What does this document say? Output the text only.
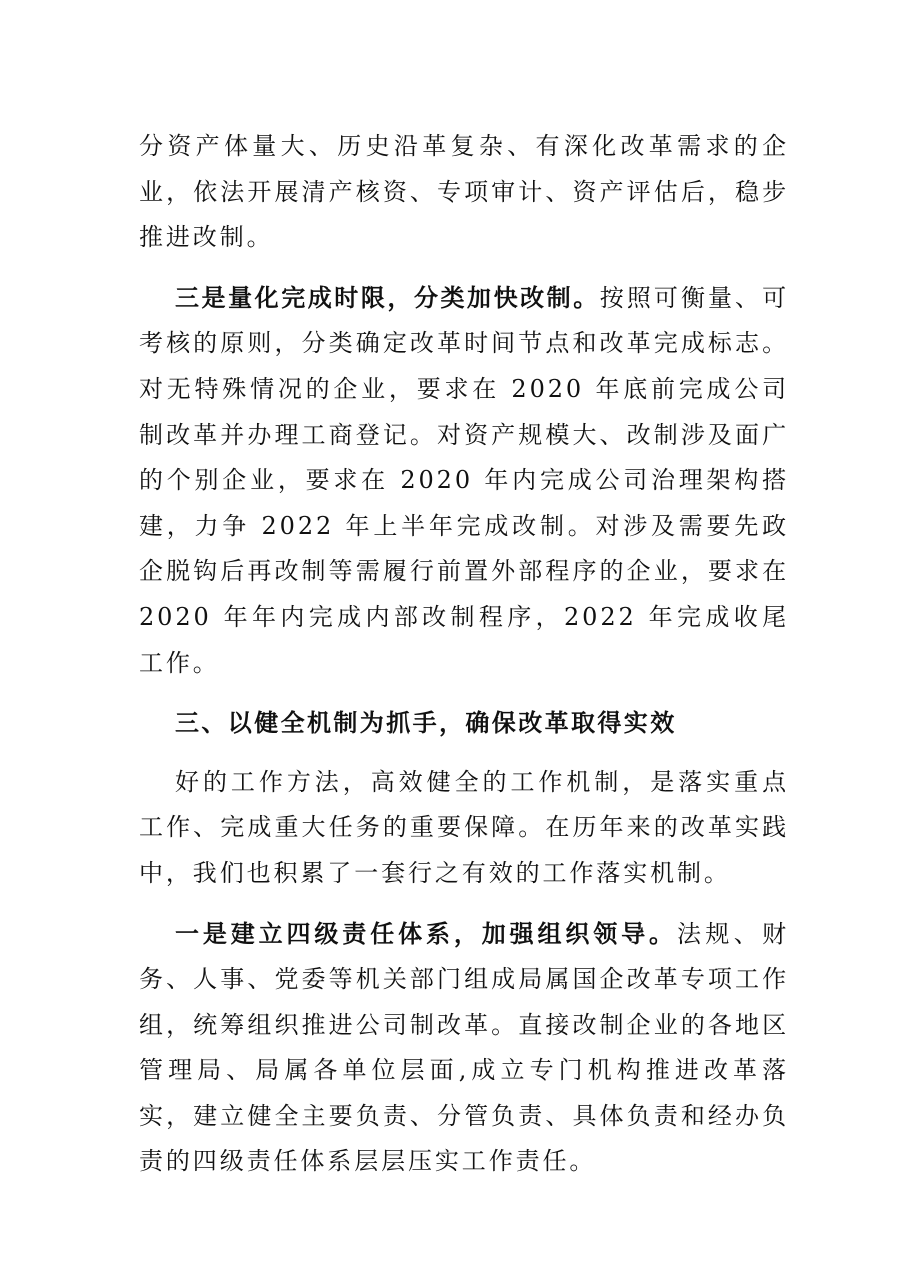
分资产体量大、历史沿革复杂、有深化改革需求的企业，依法开展清产核资、专项审计、资产评估后，稳步推进改制。

三是量化完成时限，分类加快改制。按照可衡量、可考核的原则，分类确定改革时间节点和改革完成标志。对无特殊情况的企业，要求在 2020 年底前完成公司制改革并办理工商登记。对资产规模大、改制涉及面广的个别企业，要求在 2020 年内完成公司治理架构搭建，力争 2022 年上半年完成改制。对涉及需要先政企脱钩后再改制等需履行前置外部程序的企业，要求在 2020 年年内完成内部改制程序，2022 年完成收尾工作。

三、以健全机制为抓手，确保改革取得实效

好的工作方法，高效健全的工作机制，是落实重点工作、完成重大任务的重要保障。在历年来的改革实践中，我们也积累了一套行之有效的工作落实机制。

一是建立四级责任体系，加强组织领导。法规、财务、人事、党委等机关部门组成局属国企改革专项工作组，统筹组织推进公司制改革。直接改制企业的各地区管理局、局属各单位层面,成立专门机构推进改革落实，建立健全主要负责、分管负责、具体负责和经办负责的四级责任体系层层压实工作责任。
